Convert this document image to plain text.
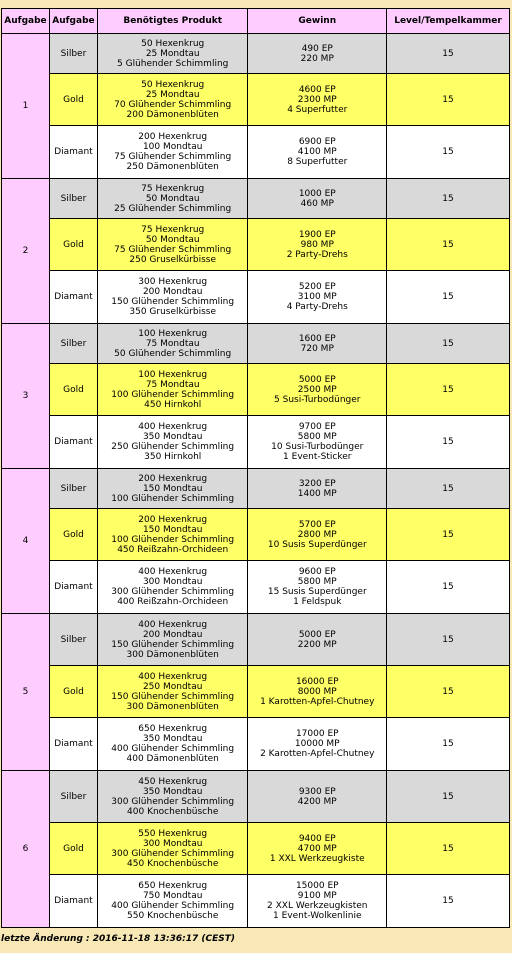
Aufgabe	Aufgabe	Benötigtes Produkt	Gewinn	Level/Tempelkammer
1	Silber	50 Hexenkrug
25 Mondtau
5 Glühender Schimmling	490 EP
220 MP	15
	Gold	50 Hexenkrug
25 Mondtau
70 Glühender Schimmling
200 Dämonenblüten	4600 EP
2300 MP
4 Superfutter	15
	Diamant	200 Hexenkrug
100 Mondtau
75 Glühender Schimmling
250 Dämonenblüten	6900 EP
4100 MP
8 Superfutter	15
2	Silber	75 Hexenkrug
50 Mondtau
25 Glühender Schimmling	1000 EP
460 MP	15
	Gold	75 Hexenkrug
50 Mondtau
75 Glühender Schimmling
250 Gruselkürbisse	1900 EP
980 MP
2 Party-Drehs	15
	Diamant	300 Hexenkrug
200 Mondtau
150 Glühender Schimmling
350 Gruselkürbisse	5200 EP
3100 MP
4 Party-Drehs	15
3	Silber	100 Hexenkrug
75 Mondtau
50 Glühender Schimmling	1600 EP
720 MP	15
	Gold	100 Hexenkrug
75 Mondtau
100 Glühender Schimmling
450 Hirnkohl	5000 EP
2500 MP
5 Susi-Turbodünger	15
	Diamant	400 Hexenkrug
350 Mondtau
250 Glühender Schimmling
350 Hirnkohl	9700 EP
5800 MP
10 Susi-Turbodünger
1 Event-Sticker	15
4	Silber	200 Hexenkrug
150 Mondtau
100 Glühender Schimmling	3200 EP
1400 MP	15
	Gold	200 Hexenkrug
150 Mondtau
100 Glühender Schimmling
450 Reißzahn-Orchideen	5700 EP
2800 MP
10 Susis Superdünger	15
	Diamant	400 Hexenkrug
300 Mondtau
300 Glühender Schimmling
400 Reißzahn-Orchideen	9600 EP
5800 MP
15 Susis Superdünger
1 Feldspuk	15
5	Silber	400 Hexenkrug
200 Mondtau
150 Glühender Schimmling
300 Dämonenblüten	5000 EP
2200 MP	15
	Gold	400 Hexenkrug
250 Mondtau
150 Glühender Schimmling
300 Dämonenblüten	16000 EP
8000 MP
1 Karotten-Apfel-Chutney	15
	Diamant	650 Hexenkrug
350 Mondtau
400 Glühender Schimmling
400 Dämonenblüten	17000 EP
10000 MP
2 Karotten-Apfel-Chutney	15
6	Silber	450 Hexenkrug
350 Mondtau
300 Glühender Schimmling
400 Knochenbüsche	9300 EP
4200 MP	15
	Gold	550 Hexenkrug
300 Mondtau
300 Glühender Schimmling
450 Knochenbüsche	9400 EP
4700 MP
1 XXL Werkzeugkiste	15
	Diamant	650 Hexenkrug
750 Mondtau
400 Glühender Schimmling
550 Knochenbüsche	15000 EP
9100 MP
2 XXL Werkzeugkisten
1 Event-Wolkenlinie	15
letzte Änderung : 2016-11-18 13:36:17 (CEST)
